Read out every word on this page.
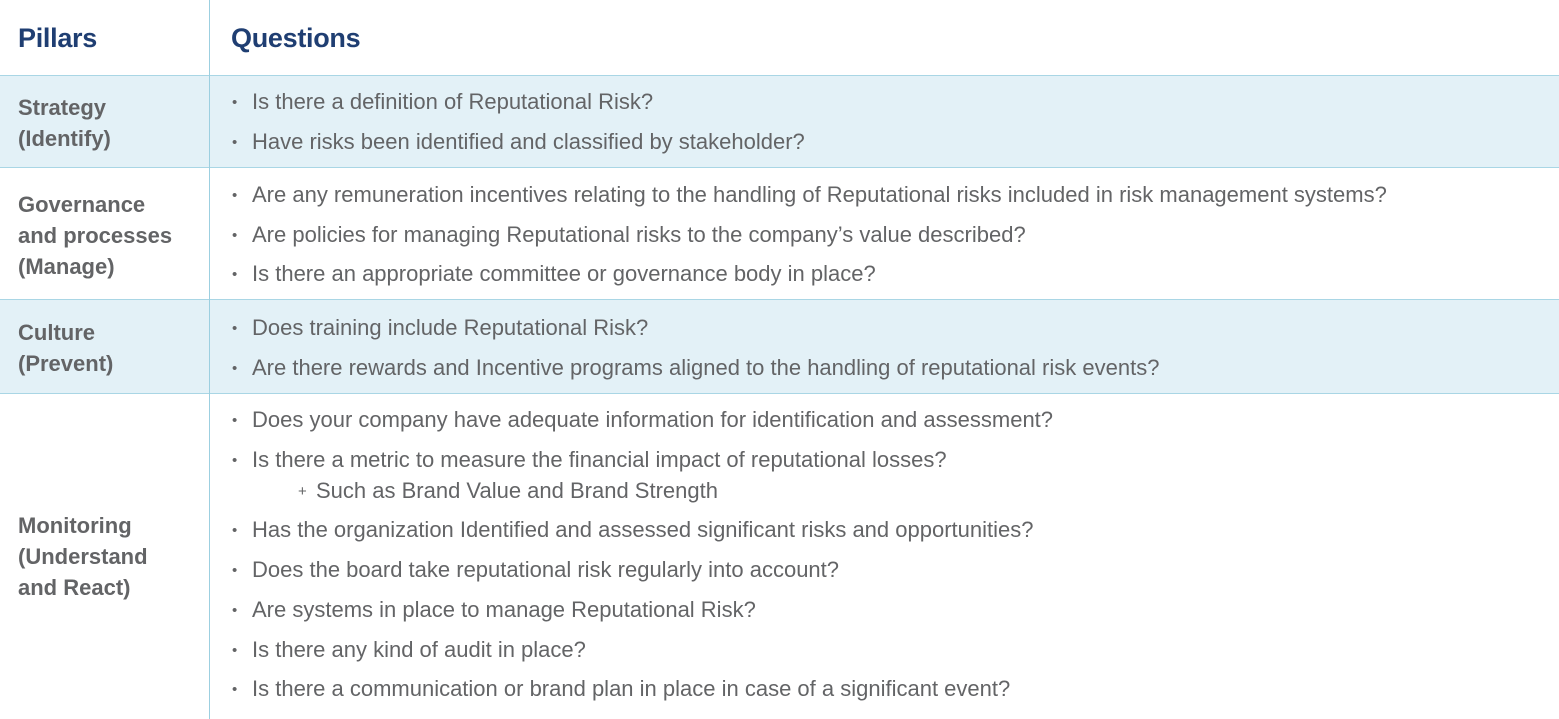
Pillars	Questions
Strategy
(Identify)
• Is there a definition of Reputational Risk?
• Have risks been identified and classified by stakeholder?
Governance
and processes
(Manage)
• Are any remuneration incentives relating to the handling of Reputational risks included in risk management systems?
• Are policies for managing Reputational risks to the company’s value described?
• Is there an appropriate committee or governance body in place?
Culture
(Prevent)
• Does training include Reputational Risk?
• Are there rewards and Incentive programs aligned to the handling of reputational risk events?
Monitoring
(Understand
and React)
• Does your company have adequate information for identification and assessment?
• Is there a metric to measure the financial impact of reputational losses?
+ Such as Brand Value and Brand Strength
• Has the organization Identified and assessed significant risks and opportunities?
• Does the board take reputational risk regularly into account?
• Are systems in place to manage Reputational Risk?
• Is there any kind of audit in place?
• Is there a communication or brand plan in place in case of a significant event?
